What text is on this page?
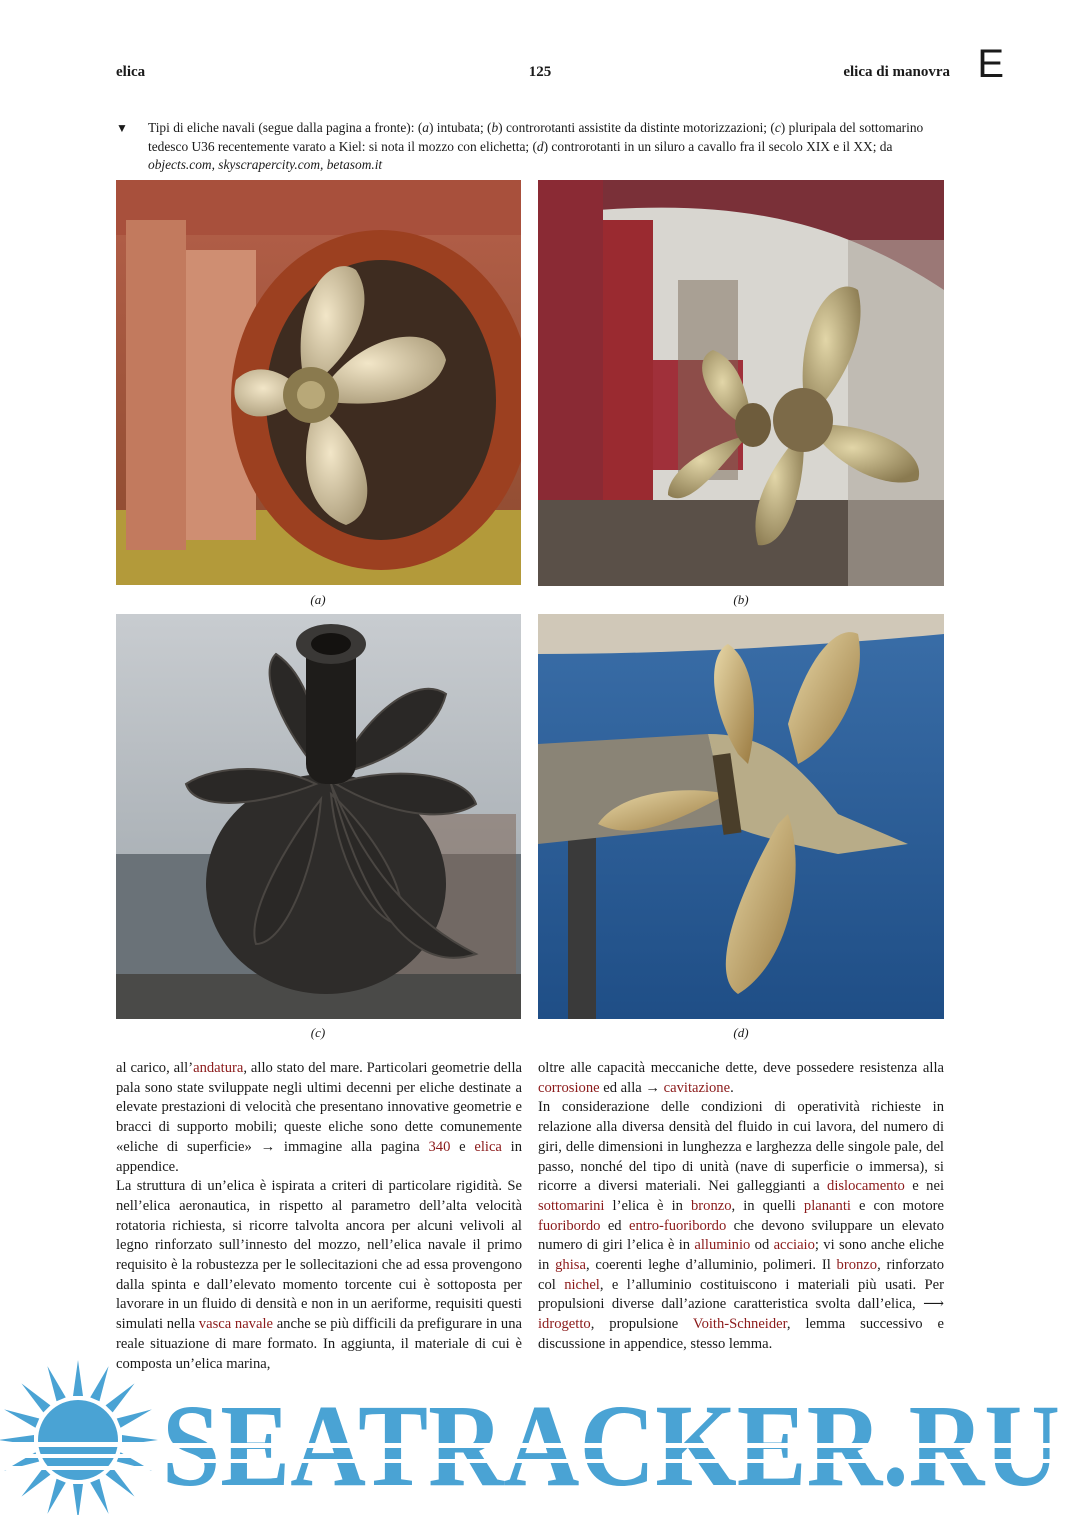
elica	125	elica di manovra E
▼ Tipi di eliche navali (segue dalla pagina a fronte): (a) intubata; (b) controrotanti assistite da distinte motorizzazioni; (c) pluripala del sottomarino tedesco U36 recentemente varato a Kiel: si nota il mozzo con elichetta; (d) controrotanti in un siluro a cavallo fra il secolo XIX e il XX; da objects.com, skyscrapercity.com, betasom.it
(a)	(b)
(c)	(d)

al carico, all’andatura, allo stato del mare. Particolari geometrie della pala sono state sviluppate negli ultimi decenni per eliche destinate a elevate prestazioni di velocità che presentano innovative geometrie e bracci di supporto mobili; queste eliche sono dette comunemente «eliche di superficie» → immagine alla pagina 340 e elica in appendice.

La struttura di un’elica è ispirata a criteri di particolare rigidità. Se nell’elica aeronautica, in rispetto al parametro dell’alta velocità rotatoria richiesta, si ricorre talvolta ancora per alcuni velivoli al legno rinforzato sull’innesto del mozzo, nell’elica navale il primo requisito è la robustezza per le sollecitazioni che ad essa provengono dalla spinta e dall’elevato momento torcente cui è sottoposta per lavorare in un fluido di densità e non in un aeriforme, requisiti questi simulati nella vasca navale anche se più difficili da prefigurare in una reale situazione di mare formato. In aggiunta, il materiale di cui è composta un’elica marina,

oltre alle capacità meccaniche dette, deve possedere resistenza alla corrosione ed alla → cavitazione.

In considerazione delle condizioni di operatività richieste in relazione alla diversa densità del fluido in cui lavora, del numero di giri, delle dimensioni in lunghezza e larghezza delle singole pale, del passo, nonché del tipo di unità (nave di superficie o immersa), si ricorre a diversi materiali. Nei galleggianti a dislocamento e nei sottomarini l’elica è in bronzo, in quelli plananti e con motore fuoribordo ed entro-fuoribordo che devono sviluppare un elevato numero di giri l’elica è in alluminio od acciaio; vi sono anche eliche in ghisa, coerenti leghe d’alluminio, polimeri. Il bronzo, rinforzato col nichel, e l’alluminio costituiscono i materiali più usati. Per propulsioni diverse dall’azione caratteristica svolta dall’elica, ⟶ idrogetto, propulsione Voith-Schneider, lemma successivo e discussione in appendice, stesso lemma.
